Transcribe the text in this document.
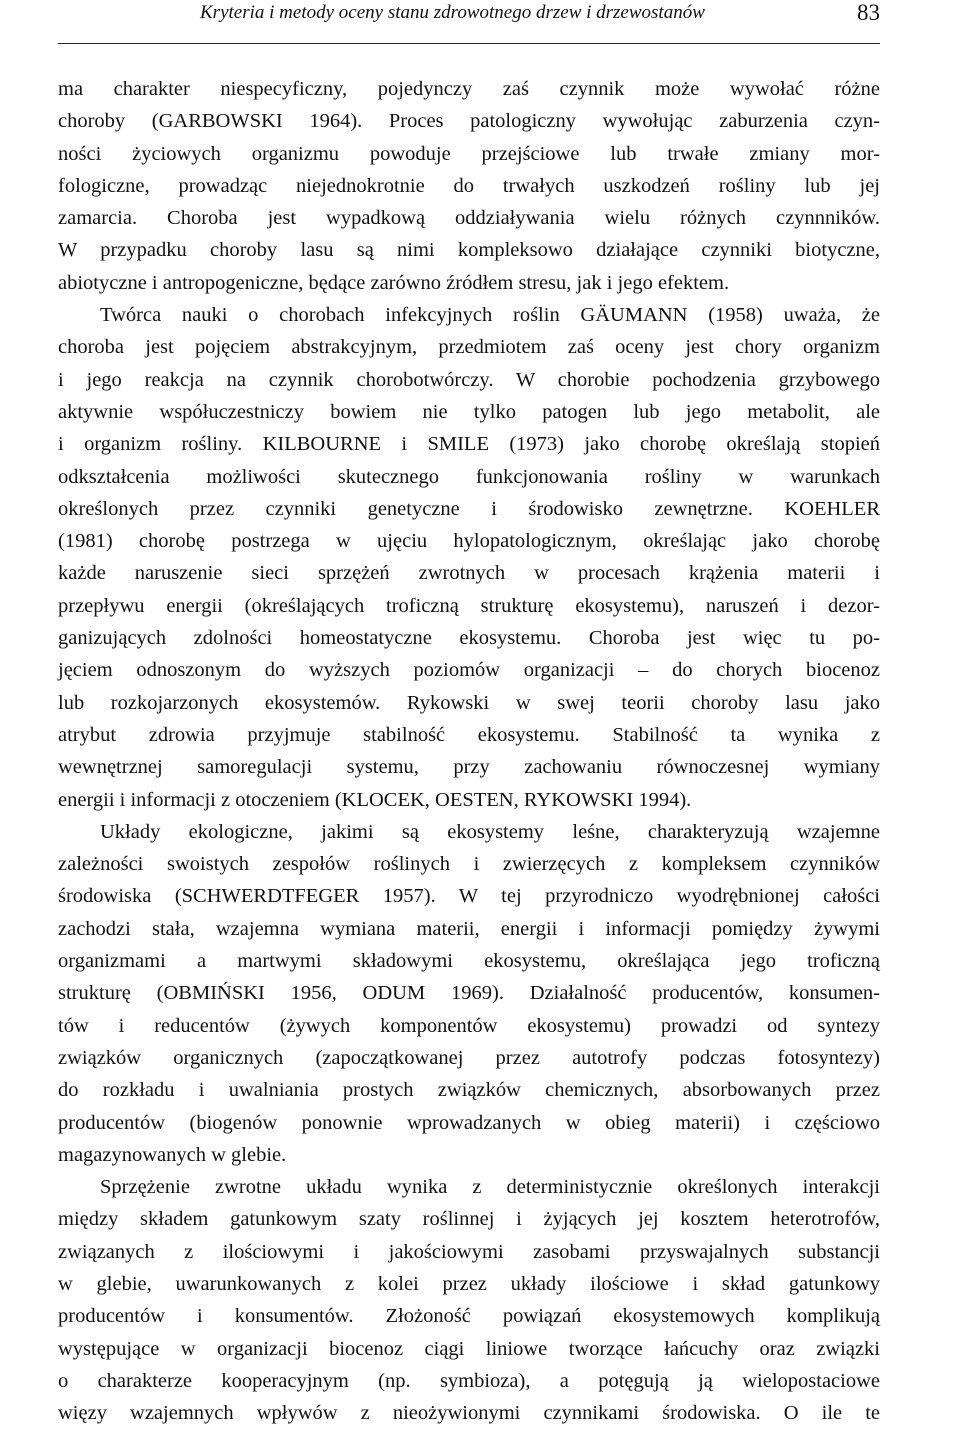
Kryteria i metody oceny stanu zdrowotnego drzew i drzewostanów	83

ma charakter niespecyficzny, pojedynczy zaś czynnik może wywołać różne
choroby (GARBOWSKI 1964). Proces patologiczny wywołując zaburzenia czyn-
ności życiowych organizmu powoduje przejściowe lub trwałe zmiany mor-
fologiczne, prowadząc niejednokrotnie do trwałych uszkodzeń rośliny lub jej
zamarcia. Choroba jest wypadkową oddziaływania wielu różnych czynnników.
W przypadku choroby lasu są nimi kompleksowo działające czynniki biotyczne,
abiotyczne i antropogeniczne, będące zarówno źródłem stresu, jak i jego efektem.

Twórca nauki o chorobach infekcyjnych roślin GÄUMANN (1958) uważa, że
choroba jest pojęciem abstrakcyjnym, przedmiotem zaś oceny jest chory organizm
i jego reakcja na czynnik chorobotwórczy. W chorobie pochodzenia grzybowego
aktywnie współuczestniczy bowiem nie tylko patogen lub jego metabolit, ale
i organizm rośliny. KILBOURNE i SMILE (1973) jako chorobę określają stopień
odkształcenia możliwości skutecznego funkcjonowania rośliny w warunkach
określonych przez czynniki genetyczne i środowisko zewnętrzne. KOEHLER
(1981) chorobę postrzega w ujęciu hylopatologicznym, określając jako chorobę
każde naruszenie sieci sprzężeń zwrotnych w procesach krążenia materii i
przepływu energii (określających troficzną strukturę ekosystemu), naruszeń i dezor-
ganizujących zdolności homeostatyczne ekosystemu. Choroba jest więc tu po-
jęciem odnoszonym do wyższych poziomów organizacji – do chorych biocenoz
lub rozkojarzonych ekosystemów. Rykowski w swej teorii choroby lasu jako
atrybut zdrowia przyjmuje stabilność ekosystemu. Stabilność ta wynika z
wewnętrznej samoregulacji systemu, przy zachowaniu równoczesnej wymiany
energii i informacji z otoczeniem (KLOCEK, OESTEN, RYKOWSKI 1994).

Układy ekologiczne, jakimi są ekosystemy leśne, charakteryzują wzajemne
zależności swoistych zespołów roślinych i zwierzęcych z kompleksem czynników
środowiska (SCHWERDTFEGER 1957). W tej przyrodniczo wyodrębnionej całości
zachodzi stała, wzajemna wymiana materii, energii i informacji pomiędzy żywymi
organizmami a martwymi składowymi ekosystemu, określająca jego troficzną
strukturę (OBMIŃSKI 1956, ODUM 1969). Działalność producentów, konsumen-
tów i reducentów (żywych komponentów ekosystemu) prowadzi od syntezy
związków organicznych (zapoczątkowanej przez autotrofy podczas fotosyntezy)
do rozkładu i uwalniania prostych związków chemicznych, absorbowanych przez
producentów (biogenów ponownie wprowadzanych w obieg materii) i częściowo
magazynowanych w glebie.

Sprzężenie zwrotne układu wynika z deterministycznie określonych interakcji
między składem gatunkowym szaty roślinnej i żyjących jej kosztem heterotrofów,
związanych z ilościowymi i jakościowymi zasobami przyswajalnych substancji
w glebie, uwarunkowanych z kolei przez układy ilościowe i skład gatunkowy
producentów i konsumentów. Złożoność powiązań ekosystemowych komplikują
występujące w organizacji biocenoz ciągi liniowe tworzące łańcuchy oraz związki
o charakterze kooperacyjnym (np. symbioza), a potęgują ją wielopostaciowe
więzy wzajemnych wpływów z nieożywionymi czynnikami środowiska. O ile te
